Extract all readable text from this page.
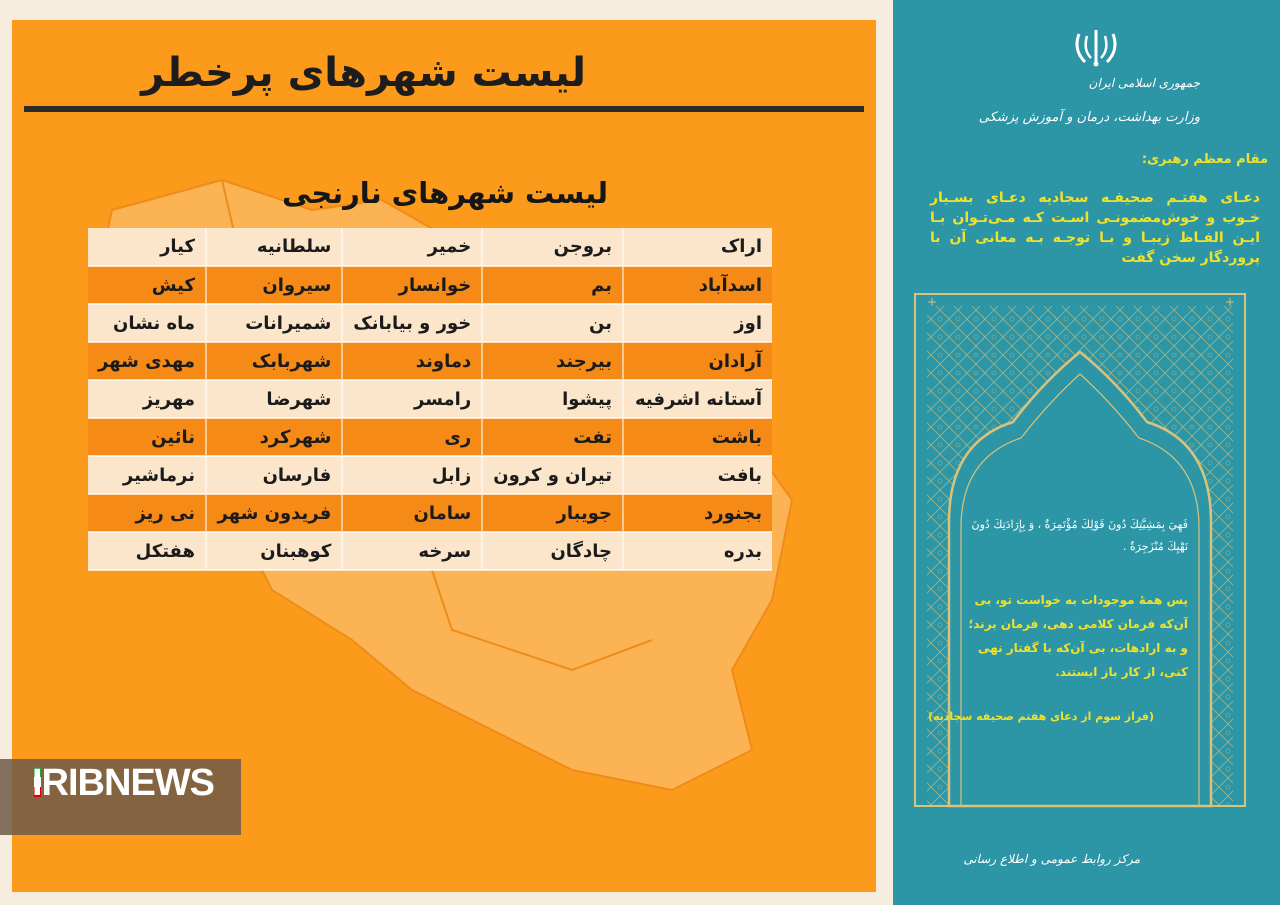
لیست شهرهای پرخطر
لیست شهرهای نارنجی
اراک	بروجن	خمیر	سلطانیه	کیار
اسدآباد	بم	خوانسار	سیروان	کیش
اوز	بن	خور و بیابانک	شمیرانات	ماه نشان
آرادان	بیرجند	دماوند	شهربابک	مهدی شهر
آستانه اشرفیه	پیشوا	رامسر	شهرضا	مهریز
باشت	تفت	ری	شهرکرد	نائین
بافت	تیران و کرون	زابل	فارسان	نرماشیر
بجنورد	جویبار	سامان	فریدون شهر	نی ریز
بدره	چادگان	سرخه	کوهبنان	هفتکل
IRIBNEWS
جمهوری اسلامی ایران
وزارت بهداشت، درمان و آموزش پزشکی
مقام معظم رهبری:
دعـای هفتـم صحیفـه سجادیه دعـای بسـیار خـوب و خوش‌مضمونـی اسـت کـه مـی‌تـوان بـا ایـن الفـاظ زیبـا و بـا توجـه بـه معانی آن با پروردگار سخن گفت
+	+
فَهِيَ بِمَشِيَّتِكَ دُونَ قَوْلِكَ مُؤْتَمِرَةٌ ، وَ بِإِرَادَتِكَ دُونَ نَهْيِكَ مُنْزَجِرَةٌ .
پس همهٔ موجودات به خواست تو، بی آن‌که فرمان کلامی دهی، فرمان برند؛ و به ارادهات، بی آن‌که با گفتار نهی کنی، از کار باز ایستند.
(فراز سوم از دعای هفتم صحیفه سجادیه)
مرکز روابط عمومی و اطلاع رسانی
